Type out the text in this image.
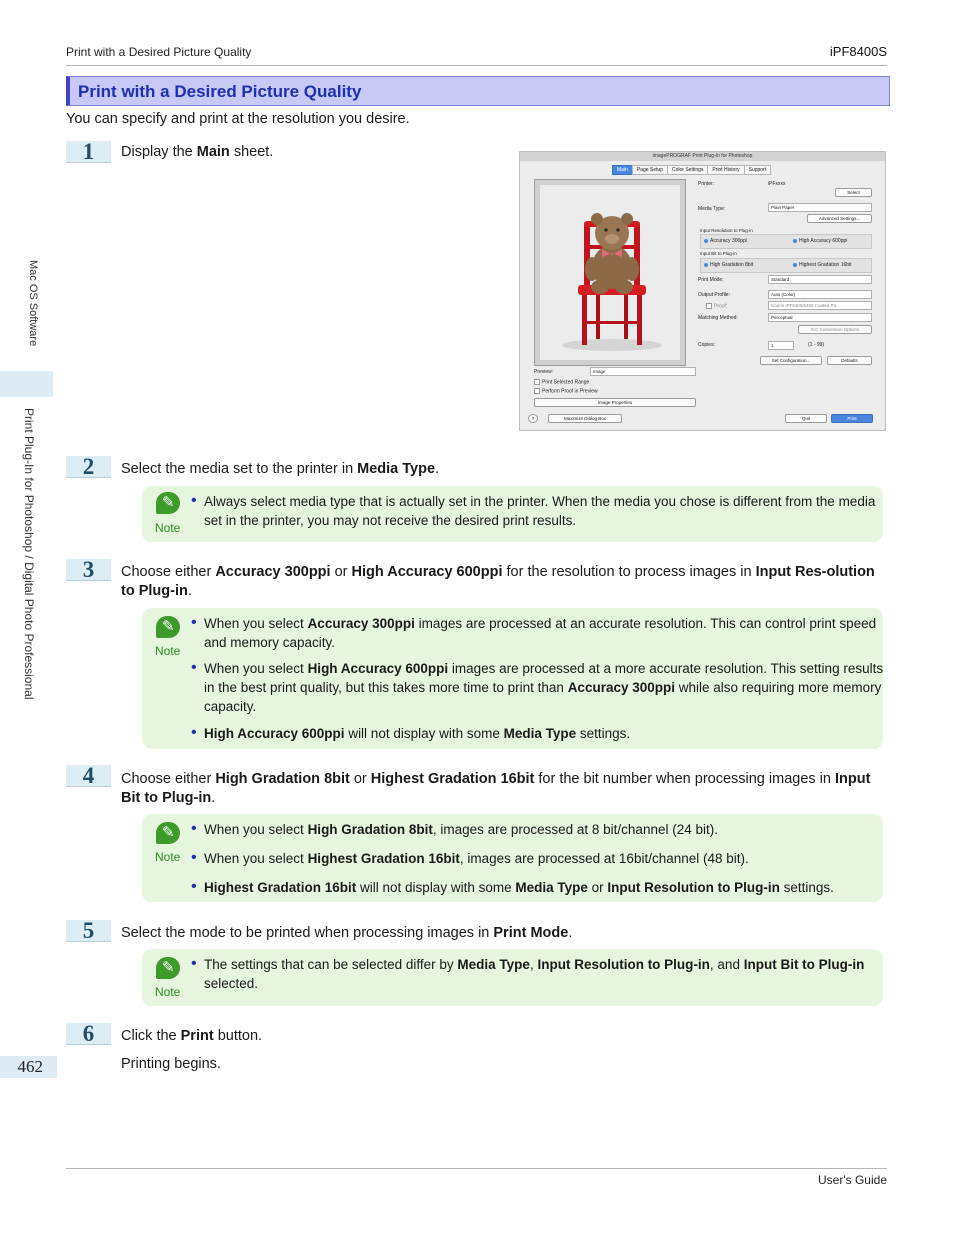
Print with a Desired Picture Quality	iPF8400S
Print with a Desired Picture Quality
You can specify and print at the resolution you desire.
Mac OS Software
Print Plug-In for Photoshop / Digital Photo Professional
1	Display the Main sheet.	imagePROGRAF Print Plug-In for Photoshop
Main	Page Setup	Color Settings	Print History	Support
Preview:	Image
Print Selected Range
Perform Proof in Preview
Image Properties
Printer:	iPFxxxx
Select
Media Type:	Plain Paper
Advanced Settings...
Input Resolution to Plug-in
Accuracy 300ppi	High Accuracy 600ppi
Input Bit to Plug-in
High Gradation 8bit	Highest Gradation 16bit
Print Mode:	Standard
Output Profile:	Auto (Color)
Proof:	Canon iPF8400/6450 Coated Pa...
Matching Method:	Perceptual
ICC Conversion Options
Copies:	1	(1 - 99)
Set Configuration...	Defaults
?	Maximize Dialog Box	Quit	Print
2	Select the media set to the printer in Media Type.
✎
Note
• Always select media type that is actually set in the printer. When the media you chose is different from the media set in the printer, you may not receive the desired print results.
3	Choose either Accuracy 300ppi or High Accuracy 600ppi for the resolution to process images in Input Res-olution to Plug-in.
✎
Note
• When you select Accuracy 300ppi images are processed at an accurate resolution. This can control print speed and memory capacity.
• When you select High Accuracy 600ppi images are processed at a more accurate resolution. This setting results in the best print quality, but this takes more time to print than Accuracy 300ppi while also requiring more memory capacity.
• High Accuracy 600ppi will not display with some Media Type settings.
4	Choose either High Gradation 8bit or Highest Gradation 16bit for the bit number when processing images in Input Bit to Plug-in.
✎
Note
• When you select High Gradation 8bit, images are processed at 8 bit/channel (24 bit).
• When you select Highest Gradation 16bit, images are processed at 16bit/channel (48 bit).
• Highest Gradation 16bit will not display with some Media Type or Input Resolution to Plug-in settings.
5	Select the mode to be printed when processing images in Print Mode.
✎
Note
• The settings that can be selected differ by Media Type, Input Resolution to Plug-in, and Input Bit to Plug-in selected.
6	Click the Print button.
Printing begins.
462
User's Guide
